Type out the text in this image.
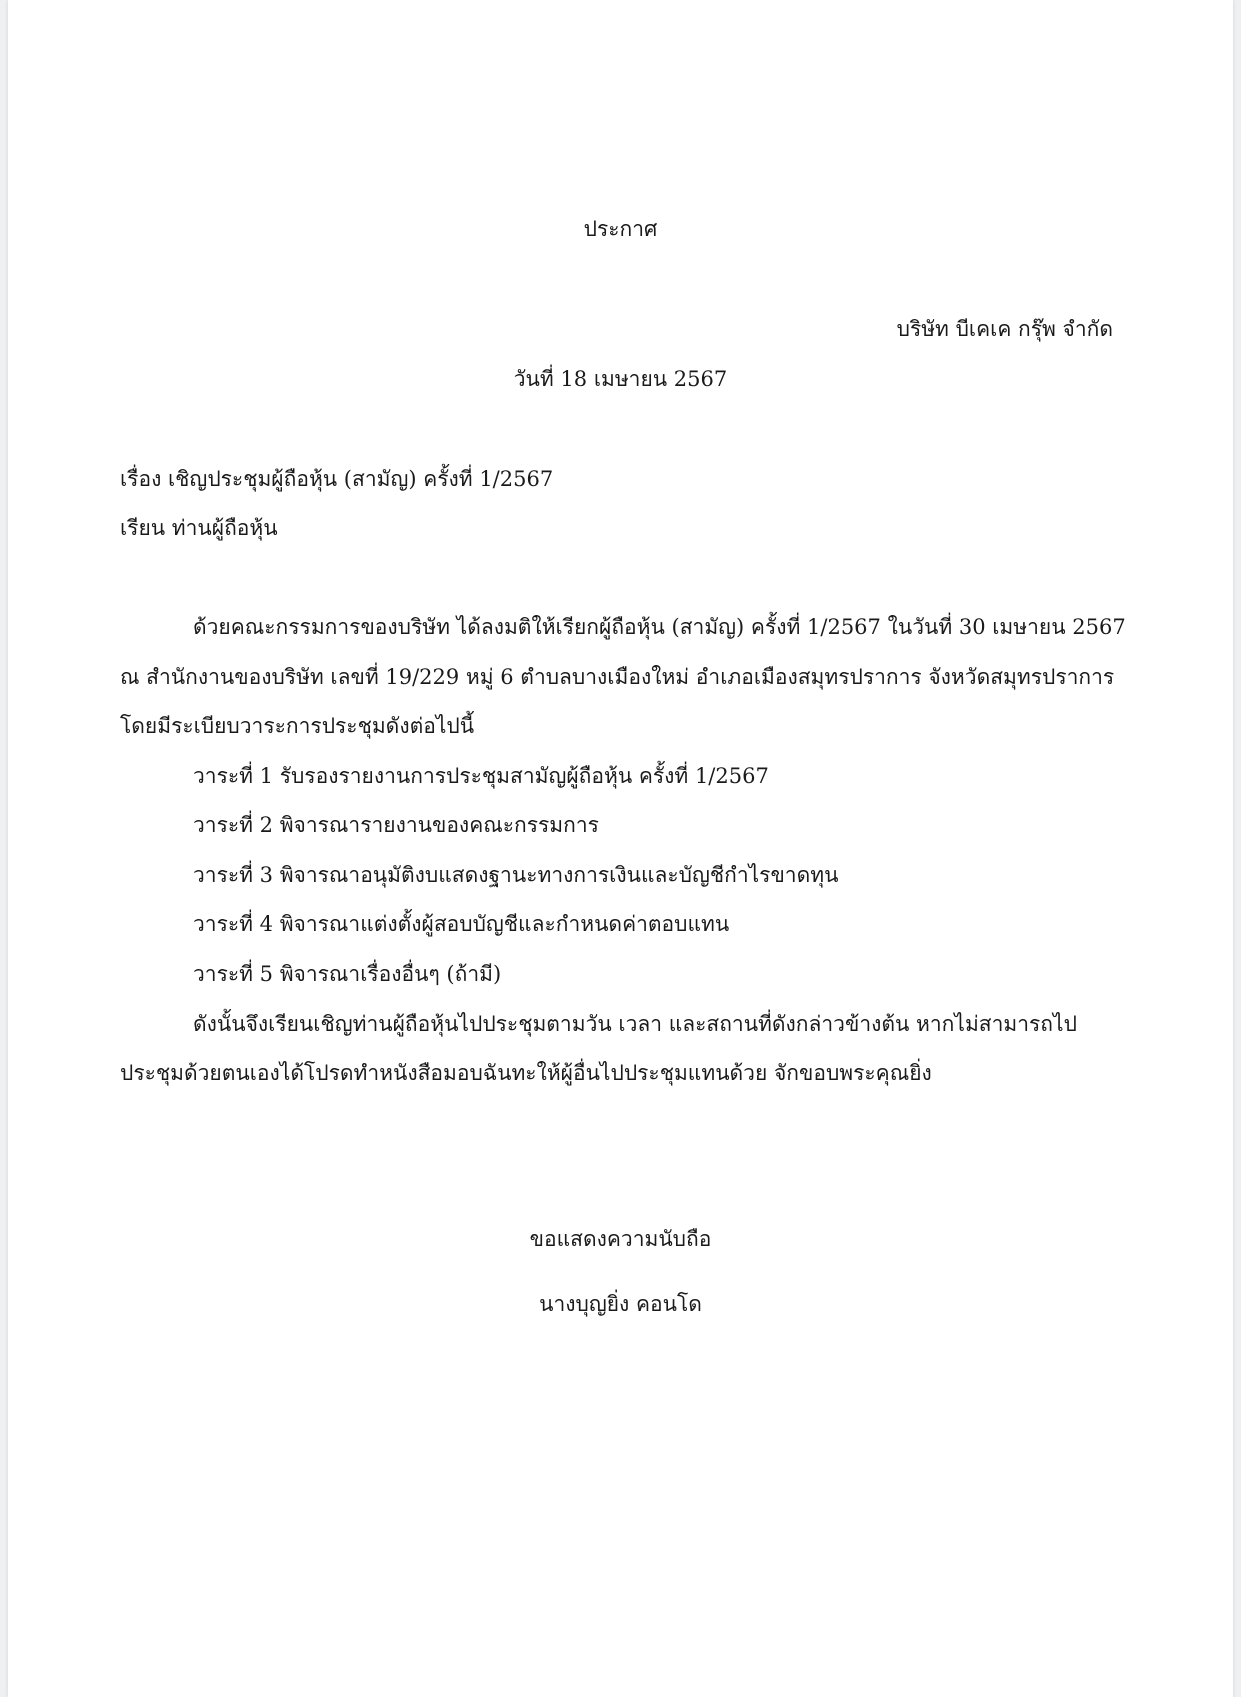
ประกาศ
บริษัท บีเคเค กรุ๊พ จำกัด
วันที่ 18 เมษายน 2567
เรื่อง เชิญประชุมผู้ถือหุ้น (สามัญ) ครั้งที่ 1/2567
เรียน ท่านผู้ถือหุ้น
ด้วยคณะกรรมการของบริษัท ได้ลงมติให้เรียกผู้ถือหุ้น (สามัญ) ครั้งที่ 1/2567 ในวันที่ 30 เมษายน 2567
ณ สำนักงานของบริษัท เลขที่ 19/229 หมู่ 6 ตำบลบางเมืองใหม่ อำเภอเมืองสมุทรปราการ จังหวัดสมุทรปราการ
โดยมีระเบียบวาระการประชุมดังต่อไปนี้
วาระที่ 1 รับรองรายงานการประชุมสามัญผู้ถือหุ้น ครั้งที่ 1/2567
วาระที่ 2 พิจารณารายงานของคณะกรรมการ
วาระที่ 3 พิจารณาอนุมัติงบแสดงฐานะทางการเงินและบัญชีกำไรขาดทุน
วาระที่ 4 พิจารณาแต่งตั้งผู้สอบบัญชีและกำหนดค่าตอบแทน
วาระที่ 5 พิจารณาเรื่องอื่นๆ (ถ้ามี)
ดังนั้นจึงเรียนเชิญท่านผู้ถือหุ้นไปประชุมตามวัน เวลา และสถานที่ดังกล่าวข้างต้น หากไม่สามารถไป
ประชุมด้วยตนเองได้โปรดทำหนังสือมอบฉันทะให้ผู้อื่นไปประชุมแทนด้วย จักขอบพระคุณยิ่ง
ขอแสดงความนับถือ
นางบุญยิ่ง คอนโด
